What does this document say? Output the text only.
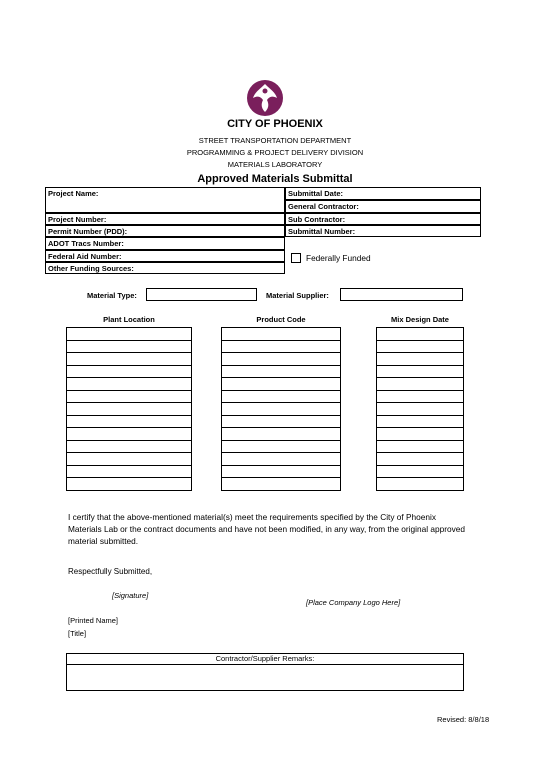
CITY OF PHOENIX
STREET TRANSPORTATION DEPARTMENT
PROGRAMMING & PROJECT DELIVERY DIVISION
MATERIALS LABORATORY
Approved Materials Submittal
Project Name:	Submittal Date:
General Contractor:
Project Number:	Sub Contractor:
Permit Number (PDD):	Submittal Number:
ADOT Tracs Number:
Federal Aid Number:
Other Funding Sources:
Federally Funded
Material Type:	Material Supplier:
Plant Location	Product Code	Mix Design Date
I certify that the above-mentioned material(s) meet the requirements specified by the City of Phoenix Materials Lab or the contract documents and have not been modified, in any way, from the original approved material submitted.
Respectfully Submitted,
[Signature]
[Place Company Logo Here]
[Printed Name]
[Title]
Contractor/Supplier Remarks:
Revised: 8/8/18
